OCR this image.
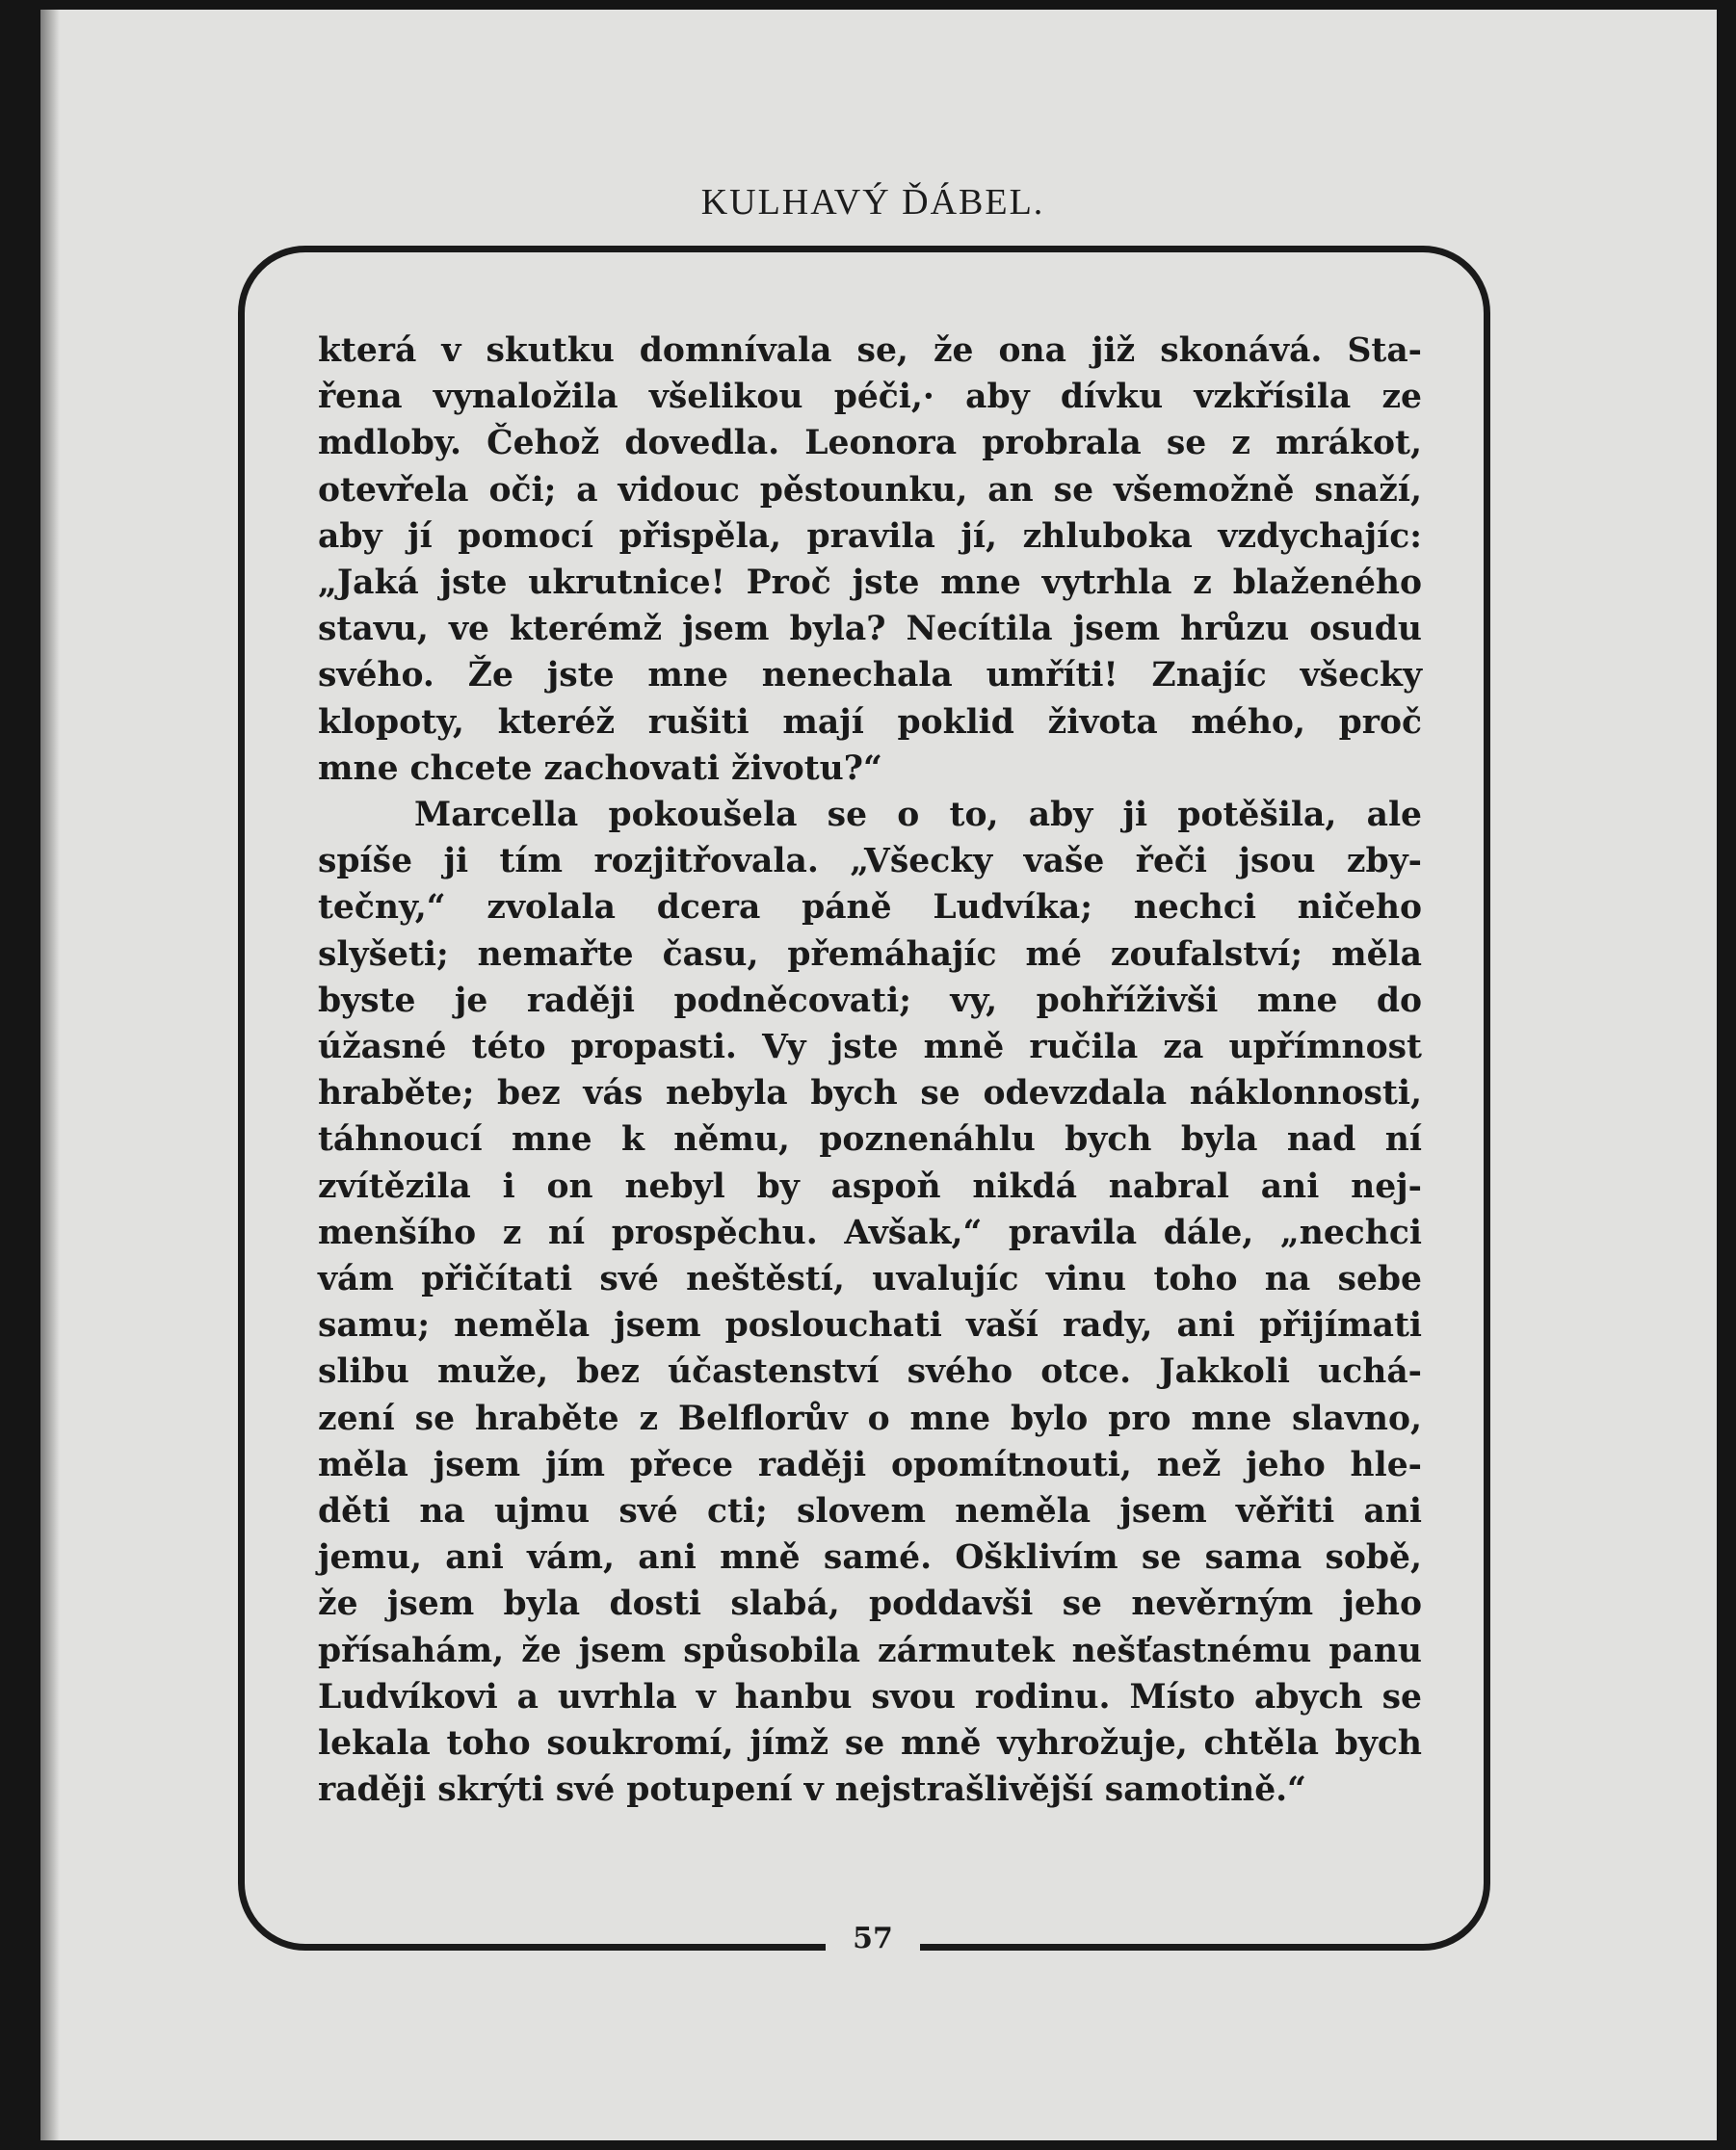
KULHAVÝ ĎÁBEL.
která v skutku domnívala se, že ona již skonává. Sta-
řena vynaložila všelikou péči,· aby dívku vzkřísila ze
mdloby. Čehož dovedla. Leonora probrala se z mrákot,
otevřela oči; a vidouc pěstounku, an se všemožně snaží,
aby jí pomocí přispěla, pravila jí, zhluboka vzdychajíc:
„Jaká jste ukrutnice! Proč jste mne vytrhla z blaženého
stavu, ve kterémž jsem byla? Necítila jsem hrůzu osudu
svého. Že jste mne nenechala umříti! Znajíc všecky
klopoty, kteréž rušiti mají poklid života mého, proč
mne chcete zachovati životu?“
Marcella pokoušela se o to, aby ji potěšila, ale
spíše ji tím rozjitřovala. „Všecky vaše řeči jsou zby-
tečny,“ zvolala dcera páně Ludvíka; nechci ničeho
slyšeti; nemařte času, přemáhajíc mé zoufalství; měla
byste je raději podněcovati; vy, pohříživši mne do
úžasné této propasti. Vy jste mně ručila za upřímnost
hraběte; bez vás nebyla bych se odevzdala náklonnosti,
táhnoucí mne k němu, poznenáhlu bych byla nad ní
zvítězila i on nebyl by aspoň nikdá nabral ani nej-
menšího z ní prospěchu. Avšak,“ pravila dále, „nechci
vám přičítati své neštěstí, uvalujíc vinu toho na sebe
samu; neměla jsem poslouchati vaší rady, ani přijímati
slibu muže, bez účastenství svého otce. Jakkoli uchá-
zení se hraběte z Belflorův o mne bylo pro mne slavno,
měla jsem jím přece raději opomítnouti, než jeho hle-
děti na ujmu své cti; slovem neměla jsem věřiti ani
jemu, ani vám, ani mně samé. Ošklivím se sama sobě,
že jsem byla dosti slabá, poddavši se nevěrným jeho
přísahám, že jsem spůsobila zármutek nešťastnému panu
Ludvíkovi a uvrhla v hanbu svou rodinu. Místo abych se
lekala toho soukromí, jímž se mně vyhrožuje, chtěla bych
raději skrýti své potupení v nejstrašlivější samotině.“
57
